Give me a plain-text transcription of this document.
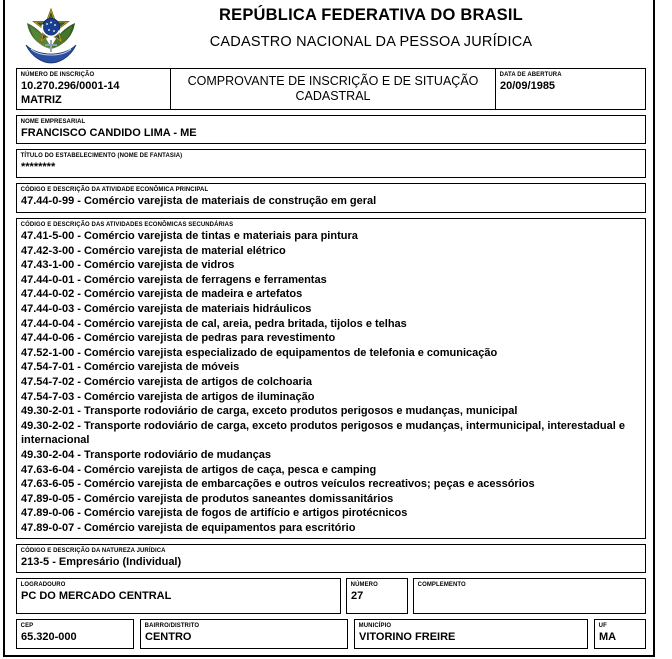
REPÚBLICA FEDERATIVA DO BRASIL
CADASTRO NACIONAL DA PESSOA JURÍDICA
NÚMERO DE INSCRIÇÃO
10.270.296/0001-14
MATRIZ
COMPROVANTE DE INSCRIÇÃO E DE SITUAÇÃO CADASTRAL
DATA DE ABERTURA
20/09/1985
NOME EMPRESARIAL
FRANCISCO CANDIDO LIMA - ME
TÍTULO DO ESTABELECIMENTO (NOME DE FANTASIA)
********
CÓDIGO E DESCRIÇÃO DA ATIVIDADE ECONÔMICA PRINCIPAL
47.44-0-99 - Comércio varejista de materiais de construção em geral
CÓDIGO E DESCRIÇÃO DAS ATIVIDADES ECONÔMICAS SECUNDÁRIAS
47.41-5-00 - Comércio varejista de tintas e materiais para pintura
47.42-3-00 - Comércio varejista de material elétrico
47.43-1-00 - Comércio varejista de vidros
47.44-0-01 - Comércio varejista de ferragens e ferramentas
47.44-0-02 - Comércio varejista de madeira e artefatos
47.44-0-03 - Comércio varejista de materiais hidráulicos
47.44-0-04 - Comércio varejista de cal, areia, pedra britada, tijolos e telhas
47.44-0-06 - Comércio varejista de pedras para revestimento
47.52-1-00 - Comércio varejista especializado de equipamentos de telefonia e comunicação
47.54-7-01 - Comércio varejista de móveis
47.54-7-02 - Comércio varejista de artigos de colchoaria
47.54-7-03 - Comércio varejista de artigos de iluminação
49.30-2-01 - Transporte rodoviário de carga, exceto produtos perigosos e mudanças, municipal
49.30-2-02 - Transporte rodoviário de carga, exceto produtos perigosos e mudanças, intermunicipal, interestadual e internacional
49.30-2-04 - Transporte rodoviário de mudanças
47.63-6-04 - Comércio varejista de artigos de caça, pesca e camping
47.63-6-05 - Comércio varejista de embarcações e outros veículos recreativos; peças e acessórios
47.89-0-05 - Comércio varejista de produtos saneantes domissanitários
47.89-0-06 - Comércio varejista de fogos de artifício e artigos pirotécnicos
47.89-0-07 - Comércio varejista de equipamentos para escritório
CÓDIGO E DESCRIÇÃO DA NATUREZA JURÍDICA
213-5 - Empresário (Individual)
LOGRADOURO
PC DO MERCADO CENTRAL
NÚMERO
27
COMPLEMENTO
CEP
65.320-000
BAIRRO/DISTRITO
CENTRO
MUNICÍPIO
VITORINO FREIRE
UF
MA
